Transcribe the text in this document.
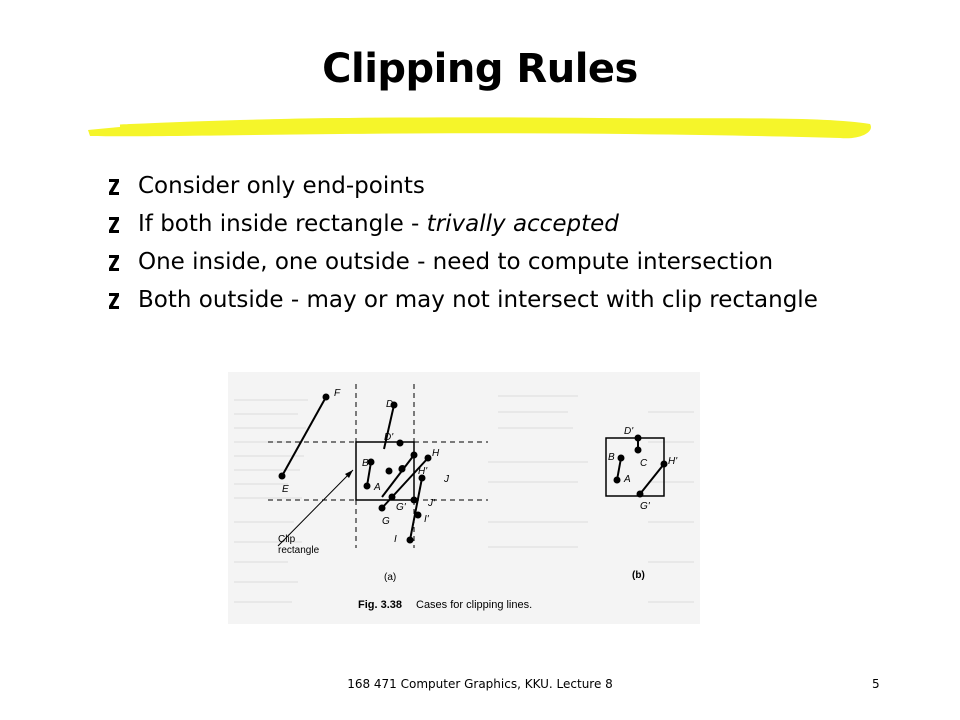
Clipping Rules
Consider only end-points
If both inside rectangle - trivally accepted
One inside, one outside - need to compute intersection
Both outside - may or may not intersect with clip rectangle
F
E
D
D'
B
A
C
H
H'
J
J'
I'
I
G
G'
Clip
rectangle
(a)
D'
B
A
C H'
G'
(b)
Fig. 3.38 Cases for clipping lines.
168 471 Computer Graphics, KKU. Lecture 8	5
